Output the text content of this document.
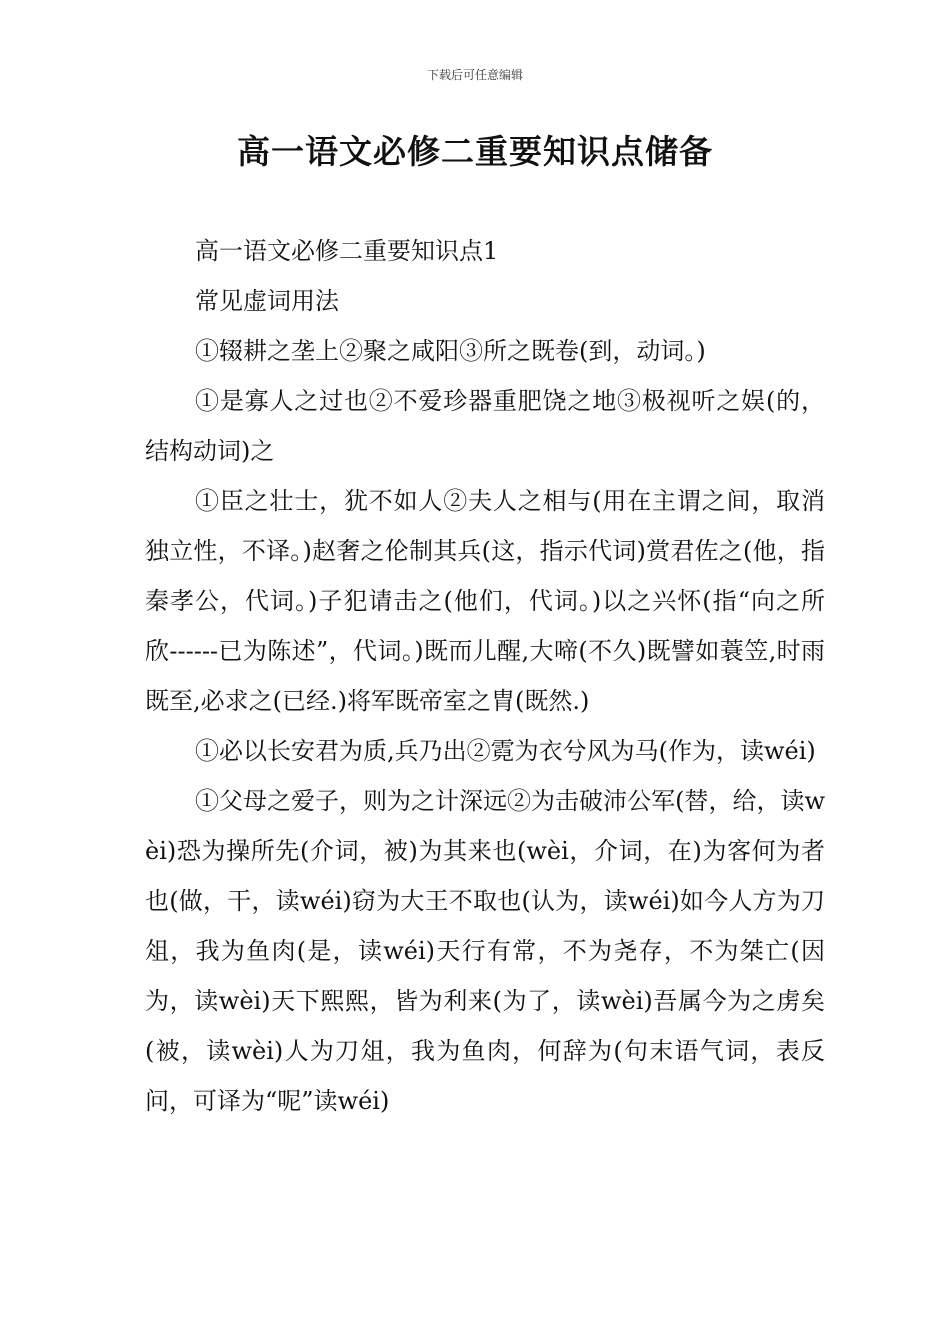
下载后可任意编辑
高一语文必修二重要知识点储备

高一语文必修二重要知识点1

常见虚词用法

①辍耕之垄上②聚之咸阳③所之既卷(到，动词。)

①是寡人之过也②不爱珍器重肥饶之地③极视听之娱(的，结构动词)之

①臣之壮士，犹不如人②夫人之相与(用在主谓之间，取消独立性，不译。)赵奢之伦制其兵(这，指示代词)赏君佐之(他，指秦孝公，代词。)子犯请击之(他们，代词。)以之兴怀(指“向之所欣------已为陈述”，代词。)既而儿醒,大啼(不久)既譬如蓑笠,时雨既至,必求之(已经.)将军既帝室之胄(既然.)

①必以长安君为质,兵乃出②霓为衣兮风为马(作为，读wéi)

①父母之爱子，则为之计深远②为击破沛公军(替，给，读wèi)恐为操所先(介词，被)为其来也(wèi，介词，在)为客何为者也(做，干，读wéi)窃为大王不取也(认为，读wéi)如今人方为刀俎，我为鱼肉(是，读wéi)天行有常，不为尧存，不为桀亡(因为，读wèi)天下熙熙，皆为利来(为了，读wèi)吾属今为之虏矣(被，读wèi)人为刀俎，我为鱼肉，何辞为(句末语气词，表反问，可译为“呢”读wéi)
